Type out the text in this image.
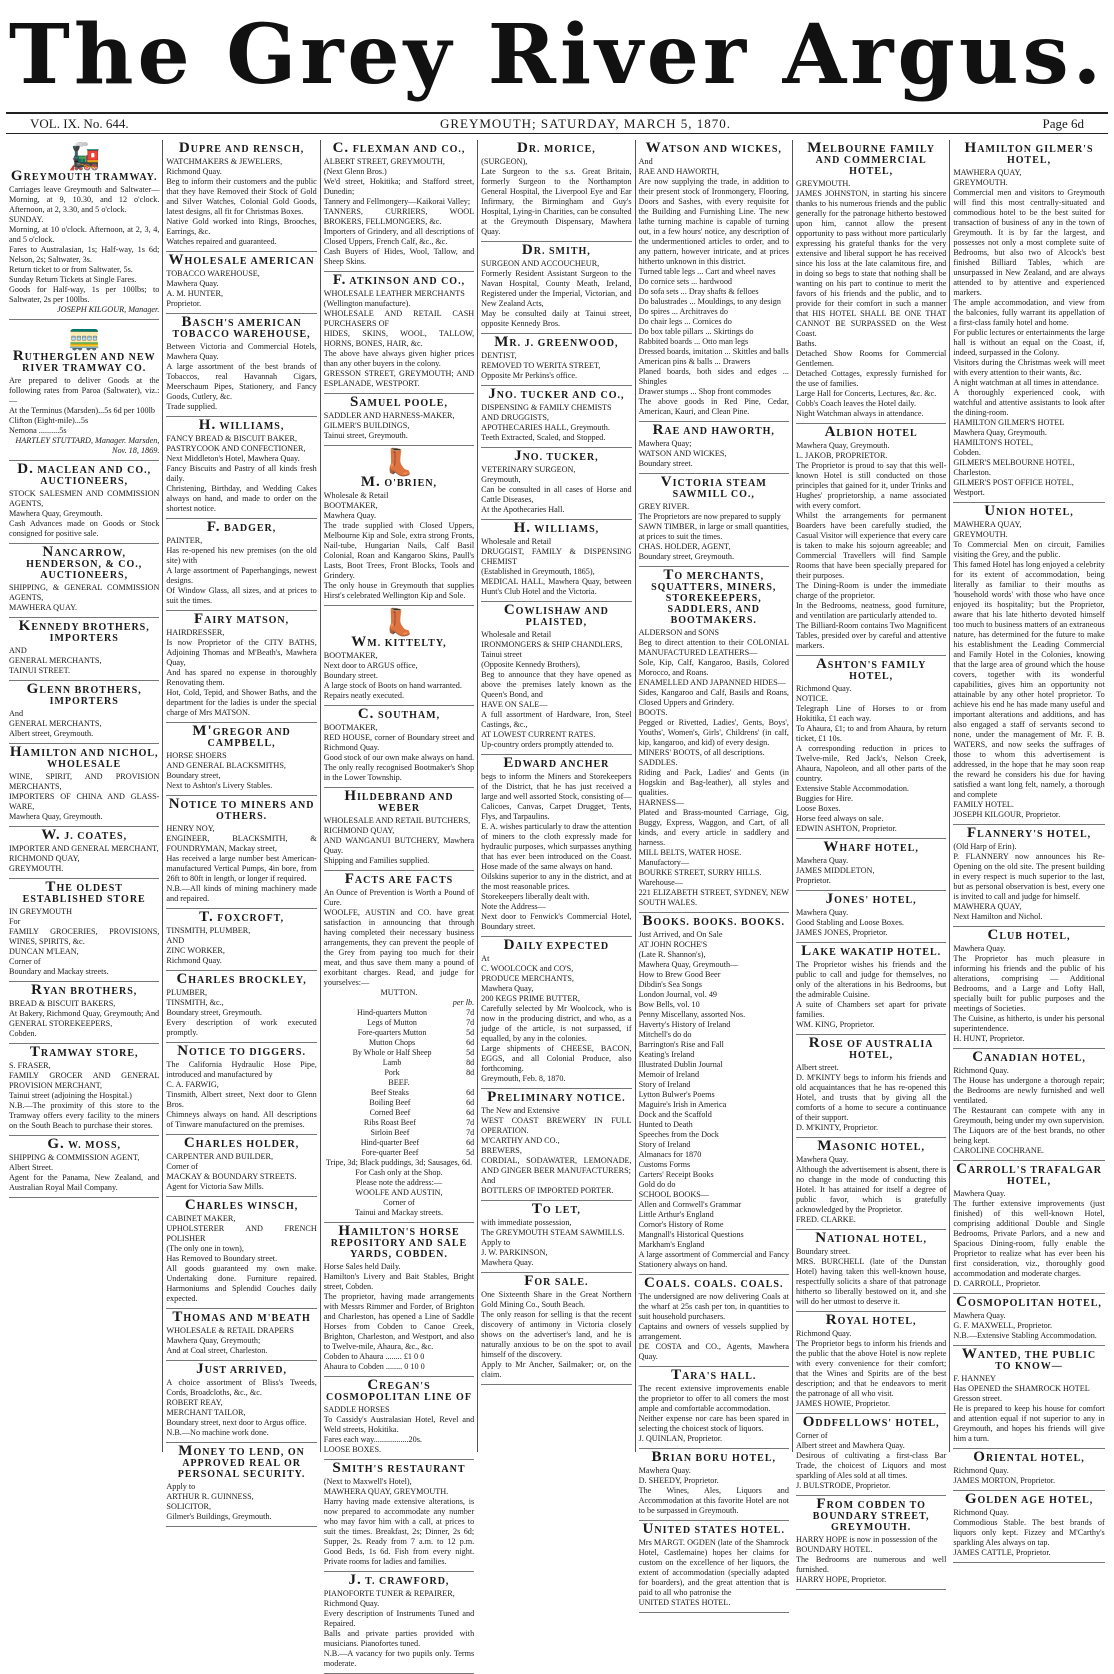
The Grey River Argus.
VOL. IX. No. 644.	GREYMOUTH; SATURDAY, MARCH 5, 1870.	Page 6d
🚂
GREYMOUTH TRAMWAY.

Carriages leave Greymouth and Saltwater— Morning, at 9, 10.30, and 12 o'clock. Afternoon, at 2, 3.30, and 5 o'clock.

SUNDAY.

Morning, at 10 o'clock. Afternoon, at 2, 3, 4, and 5 o'clock.

Fares to Australasian, 1s; Half-way, 1s 6d; Nelson, 2s; Saltwater, 3s.

Return ticket to or from Saltwater, 5s.

Sunday Return Tickets at Single Fares.

Goods for Half-way, 1s per 100lbs; to Saltwater, 2s per 100lbs.

JOSEPH KILGOUR, Manager.
🚃
RUTHERGLEN AND NEW RIVER TRAMWAY CO.

Are prepared to deliver Goods at the following rates from Paroa (Saltwater), viz.:—

At the Terminus (Marsden)...5s 6d per 100lb

Clifton (Eight-mile)...5s

Nemona ..........5s

HARTLEY STUTTARD, Manager. Marsden, Nov. 18, 1869.
D. MACLEAN AND CO., AUCTIONEERS,

STOCK SALESMEN AND COMMISSION AGENTS,

Mawhera Quay, Greymouth.

Cash Advances made on Goods or Stock consigned for positive sale.

NANCARROW, HENDERSON, & CO., AUCTIONEERS,

SHIPPING, & GENERAL COMMISSION AGENTS,

MAWHERA QUAY.

KENNEDY BROTHERS, IMPORTERS

AND

GENERAL MERCHANTS,

TAINUI STREET.

GLENN BROTHERS, IMPORTERS

And

GENERAL MERCHANTS,

Albert street, Greymouth.

HAMILTON AND NICHOL, WHOLESALE

WINE, SPIRIT, AND PROVISION MERCHANTS,

IMPORTERS OF CHINA AND GLASS-WARE,

Mawhera Quay, Greymouth.

W. J. COATES,

IMPORTER AND GENERAL MERCHANT,

RICHMOND QUAY,

GREYMOUTH.

THE OLDEST ESTABLISHED STORE

IN GREYMOUTH

For

FAMILY GROCERIES, PROVISIONS, WINES, SPIRITS, &c.

DUNCAN M'LEAN,

Corner of

Boundary and Mackay streets.

RYAN BROTHERS,

BREAD & BISCUIT BAKERS,

At Bakery, Richmond Quay, Greymouth; And

GENERAL STOREKEEPERS,

Cobden.

TRAMWAY STORE,

S. FRASER,

FAMILY GROCER AND GENERAL PROVISION MERCHANT,

Tainui street (adjoining the Hospital.)

N.B.—The proximity of this store to the Tramway offers every facility to the miners on the South Beach to purchase their stores.

G. W. MOSS,

SHIPPING & COMMISSION AGENT,

Albert Street.

Agent for the Panama, New Zealand, and Australian Royal Mail Company.

DUPRE AND RENSCH,

WATCHMAKERS & JEWELERS,

Richmond Quay.

Beg to inform their customers and the public that they have Removed their Stock of Gold and Silver Watches, Colonial Gold Goods, latest designs, all fit for Christmas Boxes.

Native Gold worked into Rings, Brooches, Earrings, &c.

Watches repaired and guaranteed.

WHOLESALE AMERICAN

TOBACCO WAREHOUSE,

Mawhera Quay.

A. M. HUNTER,

Proprietor.

BASCH'S AMERICAN TOBACCO WAREHOUSE,

Between Victoria and Commercial Hotels, Mawhera Quay.

A large assortment of the best brands of Tobaccos, real Havannah Cigars, Meerschaum Pipes, Stationery, and Fancy Goods, Cutlery, &c.

Trade supplied.

H. WILLIAMS,

FANCY BREAD & BISCUIT BAKER,

PASTRYCOOK AND CONFECTIONER,

Next Middleton's Hotel, Mawhera Quay.

Fancy Biscuits and Pastry of all kinds fresh daily.

Christening, Birthday, and Wedding Cakes always on hand, and made to order on the shortest notice.

F. BADGER,

PAINTER,

Has re-opened his new premises (on the old site) with

A large assortment of Paperhangings, newest designs.

Of Window Glass, all sizes, and at prices to suit the times.

FAIRY MATSON,

HAIRDRESSER,

Is now Proprietor of the CITY BATHS, Adjoining Thomas and M'Beath's, Mawhera Quay,

And has spared no expense in thoroughly Renovating them.

Hot, Cold, Tepid, and Shower Baths, and the department for the ladies is under the special charge of Mrs MATSON.

M'GREGOR AND CAMPBELL,

HORSE SHOERS

AND GENERAL BLACKSMITHS,

Boundary street,

Next to Ashton's Livery Stables.

NOTICE TO MINERS AND OTHERS.

HENRY NOY,

ENGINEER, BLACKSMITH, & FOUNDRYMAN, Mackay street,

Has received a large number best American-manufactured Vertical Pumps, 4in bore, from 26ft to 80ft in length, or longer if required.

N.B.—All kinds of mining machinery made and repaired.

T. FOXCROFT,

TINSMITH, PLUMBER,

AND

ZINC WORKER,

Richmond Quay.

CHARLES BROCKLEY,

PLUMBER,

TINSMITH, &c.,

Boundary street, Greymouth.

Every description of work executed promptly.

NOTICE TO DIGGERS.

The California Hydraulic Hose Pipe, introduced and manufactured by

C. A. FARWIG,

Tinsmith, Albert street, Next door to Glenn Bros.

Chimneys always on hand. All descriptions of Tinware manufactured on the premises.

CHARLES HOLDER,

CARPENTER AND BUILDER,

Corner of

MACKAY & BOUNDARY STREETS.

Agent for Victoria Saw Mills.

CHARLES WINSCH,

CABINET MAKER,

UPHOLSTERER AND FRENCH POLISHER

(The only one in town),

Has Removed to Boundary street.

All goods guaranteed my own make. Undertaking done. Furniture repaired. Harmoniums and Splendid Couches daily expected.

THOMAS AND M'BEATH

WHOLESALE & RETAIL DRAPERS

Mawhera Quay, Greymouth;

And at Coal street, Charleston.

JUST ARRIVED,

A choice assortment of Bliss's Tweeds, Cords, Broadcloths, &c., &c.

ROBERT REAY,

MERCHANT TAILOR,

Boundary street, next door to Argus office.

N.B.—No machine work done.

MONEY TO LEND, ON APPROVED REAL OR PERSONAL SECURITY.

Apply to

ARTHUR R. GUINNESS,

SOLICITOR,

Gilmer's Buildings, Greymouth.

C. FLEXMAN AND CO.,

ALBERT STREET, GREYMOUTH,

(Next Glenn Bros.)

We'd street, Hokitika; and Stafford street, Dunedin;

Tannery and Fellmongery—Kaikorai Valley;

TANNERS, CURRIERS, WOOL BROKERS, FELLMONGERS, &c.

Importers of Grindery, and all descriptions of Closed Uppers, French Calf, &c., &c.

Cash Buyers of Hides, Wool, Tallow, and Sheep Skins.

F. ATKINSON AND CO.,

WHOLESALE LEATHER MERCHANTS

(Wellington manufacture).

WHOLESALE AND RETAIL CASH PURCHASERS OF

HIDES, SKINS, WOOL, TALLOW, HORNS, BONES, HAIR, &c.

The above have always given higher prices than any other buyers in the colony.

GRESSON STREET, GREYMOUTH; AND ESPLANADE, WESTPORT.

SAMUEL POOLE,

SADDLER AND HARNESS-MAKER,

GILMER'S BUILDINGS,

Tainui street, Greymouth.

👢
M. O'BRIEN,

Wholesale & Retail

BOOTMAKER,

Mawhera Quay.

The trade supplied with Closed Uppers, Melbourne Kip and Sole, extra strong Fronts, Nail-tube, Hungarian Nails, Calf Basil Colonial, Roan and Kangaroo Skins, Paull's Lasts, Boot Trees, Front Blocks, Tools and Grindery.

The only house in Greymouth that supplies Hirst's celebrated Wellington Kip and Sole.

👢
WM. KITTELTY,

BOOTMAKER,

Next door to ARGUS office,

Boundary street.

A large stock of Boots on hand warranted.

Repairs neatly executed.

C. SOUTHAM,

BOOTMAKER,

RED HOUSE, corner of Boundary street and Richmond Quay.

Good stock of our own make always on hand.

The only really recognised Bootmaker's Shop in the Lower Township.

HILDEBRAND AND WEBER

WHOLESALE AND RETAIL BUTCHERS,

RICHMOND QUAY,

AND WANGANUI BUTCHERY, Mawhera Quay.

Shipping and Families supplied.

FACTS ARE FACTS

An Ounce of Prevention is Worth a Pound of Cure.

WOOLFE, AUSTIN and CO. have great satisfaction in announcing that through having completed their necessary business arrangements, they can prevent the people of the Grey from paying too much for their meat, and thus save them many a pound of exorbitant charges. Read, and judge for yourselves:—

MUTTON.

per lb.

Hind-quarters Mutton	7d
Legs of Mutton	7d
Fore-quarters Mutton	5d
Mutton Chops	6d
By Whole or Half Sheep	5d
Lamb	8d
Pork	8d

BEEF.

Beef Steaks	6d
Boiling Beef	6d
Corned Beef	6d
Ribs Roast Beef	7d
Sirloin Beef	7d
Hind-quarter Beef	6d
Fore-quarter Beef	5d

Tripe, 3d; Black puddings, 3d; Sausages, 6d. For Cash only at the Shop.

Please note the address:—

WOOLFE AND AUSTIN,

Corner of

Tainui and Mackay streets.

HAMILTON'S HORSE REPOSITORY AND SALE YARDS, COBDEN.

Horse Sales held Daily.

Hamilton's Livery and Bait Stables, Bright street, Cobden.

The proprietor, having made arrangements with Messrs Rimmer and Forder, of Brighton and Charleston, has opened a Line of Saddle Horses from Cobden to Canoe Creek, Brighton, Charleston, and Westport, and also to Twelve-mile, Ahaura, &c., &c.

Cobden to Ahaura ........ £1 0 0

Ahaura to Cobden ........ 0 10 0

CREGAN'S COSMOPOLITAN LINE OF

SADDLE HORSES

To Cassidy's Australasian Hotel, Revel and Weld streets, Hokitika.

Fares each way.................20s.

LOOSE BOXES.

SMITH'S RESTAURANT

(Next to Maxwell's Hotel),

MAWHERA QUAY, GREYMOUTH.

Harry having made extensive alterations, is now prepared to accommodate any number who may favor him with a call, at prices to suit the times. Breakfast, 2s; Dinner, 2s 6d; Supper, 2s. Ready from 7 a.m. to 12 p.m. Good Beds, 1s 6d. Fish from every night. Private rooms for ladies and families.

J. T. CRAWFORD,

PIANOFORTE TUNER & REPAIRER,

Richmond Quay.

Every description of Instruments Tuned and Repaired.

Balls and private parties provided with musicians. Pianofortes tuned.

N.B.—A vacancy for two pupils only. Terms moderate.

DR. MORICE,

(SURGEON),

Late Surgeon to the s.s. Great Britain, formerly Surgeon to the Northampton General Hospital, the Liverpool Eye and Ear Infirmary, the Birmingham and Guy's Hospital, Lying-in Charities, can be consulted at the Greymouth Dispensary, Mawhera Quay.

DR. SMITH,

SURGEON AND ACCOUCHEUR,

Formerly Resident Assistant Surgeon to the Navan Hospital, County Meath, Ireland, Registered under the Imperial, Victorian, and New Zealand Acts,

May be consulted daily at Tainui street, opposite Kennedy Bros.

MR. J. GREENWOOD,

DENTIST,

REMOVED TO WERITA STREET,

Opposite Mr Perkins's office.

JNO. TUCKER AND CO.,

DISPENSING & FAMILY CHEMISTS

AND DRUGGISTS,

APOTHECARIES HALL, Greymouth.

Teeth Extracted, Scaled, and Stopped.

JNO. TUCKER,

VETERINARY SURGEON,

Greymouth,

Can be consulted in all cases of Horse and Cattle Diseases,

At the Apothecaries Hall.

H. WILLIAMS,

Wholesale and Retail

DRUGGIST, FAMILY & DISPENSING CHEMIST

(Established in Greymouth, 1865),

MEDICAL HALL, Mawhera Quay, between Hunt's Club Hotel and the Victoria.

COWLISHAW AND PLAISTED,

Wholesale and Retail

IRONMONGERS & SHIP CHANDLERS,

Tainui street

(Opposite Kennedy Brothers),

Beg to announce that they have opened as above the premises lately known as the Queen's Bond, and

HAVE ON SALE—

A full assortment of Hardware, Iron, Steel Castings, &c.,

AT LOWEST CURRENT RATES.

Up-country orders promptly attended to.

EDWARD ANCHER

begs to inform the Miners and Storekeepers of the District, that he has just received a large and well assorted Stock, consisting of—Calicoes, Canvas, Carpet Drugget, Tents, Flys, and Tarpaulins.

E. A. wishes particularly to draw the attention of miners to the cloth expressly made for hydraulic purposes, which surpasses anything that has ever been introduced on the Coast. Hose made of the same always on hand.

Oilskins superior to any in the district, and at the most reasonable prices.

Storekeepers liberally dealt with.

Note the Address—

Next door to Fenwick's Commercial Hotel, Boundary street.

DAILY EXPECTED

At

C. WOOLCOCK and CO'S,

PRODUCE MERCHANTS,

Mawhera Quay,

200 KEGS PRIME BUTTER,

Carefully selected by Mr Woolcock, who is now in the producing district, and who, as a judge of the article, is not surpassed, if equalled, by any in the colonies.

Large shipments of CHEESE, BACON, EGGS, and all Colonial Produce, also forthcoming.

Greymouth, Feb. 8, 1870.

PRELIMINARY NOTICE.

The New and Extensive

WEST COAST BREWERY IN FULL OPERATION.

M'CARTHY AND CO.,

BREWERS,

CORDIAL, SODAWATER, LEMONADE, AND GINGER BEER MANUFACTURERS;

And

BOTTLERS OF IMPORTED PORTER.

TO LET,

with immediate possession,

The GREYMOUTH STEAM SAWMILLS.

Apply to

J. W. PARKINSON,

Mawhera Quay.

FOR SALE.

One Sixteenth Share in the Great Northern Gold Mining Co., South Beach.

The only reason for selling is that the recent discovery of antimony in Victoria closely shows on the advertiser's land, and he is naturally anxious to be on the spot to avail himself of the discovery.

Apply to Mr Ancher, Sailmaker; or, on the claim.

WATSON AND WICKES,

And

RAE AND HAWORTH,

Are now supplying the trade, in addition to their present stock of Ironmongery, Flooring, Doors and Sashes, with every requisite for the Building and Furnishing Line. The new lathe turning machine is capable of turning out, in a few hours' notice, any description of the undermentioned articles to order, and to any pattern, however intricate, and at prices hitherto unknown in this district.

Turned table legs ... Cart and wheel naves

Do cornice sets ... hardwood

Do sofa sets ... Dray shafts & felloes

Do balustrades ... Mouldings, to any design

Do spires ... Architraves do

Do chair legs ... Cornices do

Do box table pillars ... Skirtings do

Rabbited boards ... Otto man legs

Dressed boards, imitation ... Skittles and balls

American pins & balls ... Drawers

Planed boards, both sides and edges ... Shingles

Drawer stumps ... Shop front commodes

The above goods in Red Pine, Cedar, American, Kauri, and Clean Pine.

RAE AND HAWORTH,

Mawhera Quay;

WATSON AND WICKES,

Boundary street.

VICTORIA STEAM SAWMILL CO.,

GREY RIVER.

The Proprietors are now prepared to supply

SAWN TIMBER, in large or small quantities, at prices to suit the times.

CHAS. HOLDER, AGENT,

Boundary street, Greymouth.

TO MERCHANTS, SQUATTERS, MINERS, STOREKEEPERS, SADDLERS, AND BOOTMAKERS.

ALDERSON and SONS

Beg to direct attention to their COLONIAL MANUFACTURED LEATHERS—

Sole, Kip, Calf, Kangaroo, Basils, Colored Morocco, and Roans.

ENAMELLED AND JAPANNED HIDES—

Sides, Kangaroo and Calf, Basils and Roans, Closed Uppers and Grindery.

BOOTS.

Pegged or Rivetted, Ladies', Gents, Boys', Youths', Women's, Girls', Childrens' (in calf, kip, kangaroo, and kid) of every design.

MINERS' BOOTS, of all descriptions.

SADDLES.

Riding and Pack, Ladies' and Gents (in Hogskin and Bag-leather), all styles and qualities.

HARNESS—

Plated and Brass-mounted Carriage, Gig, Buggy, Express, Waggon, and Cart, of all kinds, and every article in saddlery and harness.

MILL BELTS, WATER HOSE.

Manufactory—

BOURKE STREET, SURRY HILLS.

Warehouse—

221 ELIZABETH STREET, SYDNEY, NEW SOUTH WALES.

BOOKS. BOOKS. BOOKS.

Just Arrived, and On Sale

AT JOHN ROCHE'S

(Late R. Shannon's),

Mawhera Quay, Greymouth—

How to Brew Good Beer

Dibdin's Sea Songs

London Journal, vol. 49

Bow Bells, vol. 10

Penny Miscellany, assorted Nos.

Haverty's History of Ireland

Mitchell's do do

Barrington's Rise and Fall

Keating's Ireland

Illustrated Dublin Journal

Memoir of Ireland

Story of Ireland

Lytton Bulwer's Poems

Maguire's Irish in America

Dock and the Scaffold

Hunted to Death

Speeches from the Dock

Story of Ireland

Almanacs for 1870

Customs Forms

Carters' Receipt Books

Gold do do

SCHOOL BOOKS—

Allen and Cornwell's Grammar

Little Arthur's England

Cornor's History of Rome

Mangnall's Historical Questions

Markham's England

A large assortment of Commercial and Fancy Stationery always on hand.

COALS. COALS. COALS.

The undersigned are now delivering Coals at the wharf at 25s cash per ton, in quantities to suit household purchasers.

Captains and owners of vessels supplied by arrangement.

DE COSTA and CO., Agents, Mawhera Quay.

TARA'S HALL.

The recent extensive improvements enable the proprietor to offer to all comers the most ample and comfortable accommodation.

Neither expense nor care has been spared in selecting the choicest stock of liquors.

J. QUINLAN, Proprietor.

BRIAN BORU HOTEL,

Mawhera Quay.

D. SHEEDY, Proprietor.

The Wines, Ales, Liquors and Accommodation at this favorite Hotel are not to be surpassed in Greymouth.

UNITED STATES HOTEL.

Mrs MARGT. OGDEN (late of the Shamrock Hotel, Castlemaine) hopes her claims for custom on the excellence of her liquors, the extent of accommodation (specially adapted for boarders), and the great attention that is paid to all who patronise the

UNITED STATES HOTEL.

MELBOURNE FAMILY AND COMMERCIAL HOTEL,

GREYMOUTH.

JAMES JOHNSTON, in starting his sincere thanks to his numerous friends and the public generally for the patronage hitherto bestowed upon him, cannot allow the present opportunity to pass without more particularly expressing his grateful thanks for the very extensive and liberal support he has received since his loss at the late calamitous fire, and in doing so begs to state that nothing shall be wanting on his part to continue to merit the favors of his friends and the public, and to provide for their comfort in such a manner that HIS HOTEL SHALL BE ONE THAT CANNOT BE SURPASSED on the West Coast.

Baths.

Detached Show Rooms for Commercial Gentlemen.

Detached Cottages, expressly furnished for the use of families.

Large Hall for Concerts, Lectures, &c. &c.

Cobb's Coach leaves the Hotel daily.

Night Watchman always in attendance.

ALBION HOTEL

Mawhera Quay, Greymouth.

L. JAKOB, PROPRIETOR.

The Proprietor is proud to say that this well-known Hotel is still conducted on those principles that gained for it, under Trinks and Hughes' proprietorship, a name associated with every comfort.

Whilst the arrangements for permanent Boarders have been carefully studied, the Casual Visitor will experience that every care is taken to make his sojourn agreeable; and Commercial Travellers will find Sample Rooms that have been specially prepared for their purposes.

The Dining-Room is under the immediate charge of the proprietor.

In the Bedrooms, neatness, good furniture, and ventilation are particularly attended to.

The Billiard-Room contains Two Magnificent Tables, presided over by careful and attentive markers.

ASHTON'S FAMILY HOTEL,

Richmond Quay.

NOTICE.

Telegraph Line of Horses to or from Hokitika, £1 each way.

To Ahaura, £1; to and from Ahaura, by return ticket, £1 10s.

A corresponding reduction in prices to Twelve-mile, Red Jack's, Nelson Creek, Ahaura, Napoleon, and all other parts of the country.

Extensive Stable Accommodation.

Buggies for Hire.

Loose Boxes.

Horse feed always on sale.

EDWIN ASHTON, Proprietor.

WHARF HOTEL,

Mawhera Quay.

JAMES MIDDLETON,

Proprietor.

JONES' HOTEL,

Mawhera Quay.

Good Stabling and Loose Boxes.

JAMES JONES, Proprietor.

LAKE WAKATIP HOTEL.

The Proprietor wishes his friends and the public to call and judge for themselves, no only of the alterations in his Bedrooms, but the admirable Cuisine.

A suite of Chambers set apart for private families.

WM. KING, Proprietor.

ROSE OF AUSTRALIA HOTEL,

Albert street.

D. M'KINTY begs to inform his friends and old acquaintances that he has re-opened this Hotel, and trusts that by giving all the comforts of a home to secure a continuance of their support.

D. M'KINTY, Proprietor.

MASONIC HOTEL,

Mawhera Quay.

Although the advertisement is absent, there is no change in the mode of conducting this Hotel. It has attained for itself a degree of public favor, which is gratefully acknowledged by the Proprietor.

FRED. CLARKE.

NATIONAL HOTEL,

Boundary street.

MRS. BURCHELL (late of the Dunstan Hotel) having taken this well-known house, respectfully solicits a share of that patronage hitherto so liberally bestowed on it, and she will do her utmost to deserve it.

ROYAL HOTEL,

Richmond Quay.

The Proprietor begs to inform his friends and the public that the above Hotel is now replete with every convenience for their comfort; that the Wines and Spirits are of the best description; and that he endeavors to merit the patronage of all who visit.

JAMES HOWIE, Proprietor.

ODDFELLOWS' HOTEL,

Corner of

Albert street and Mawhera Quay.

Desirous of cultivating a first-class Bar Trade, the choicest of Liquors and most sparkling of Ales sold at all times.

J. BULSTRODE, Proprietor.

FROM COBDEN TO BOUNDARY STREET, GREYMOUTH.

HARRY HOPE is now in possession of the

BOUNDARY HOTEL.

The Bedrooms are numerous and well furnished.

HARRY HOPE, Proprietor.

HAMILTON GILMER'S HOTEL,

MAWHERA QUAY,

GREYMOUTH.

Commercial men and visitors to Greymouth will find this most centrally-situated and commodious hotel to be the best suited for transaction of business of any in the town of Greymouth. It is by far the largest, and possesses not only a most complete suite of Bedrooms, but also two of Alcock's best finished Billiard Tables, which are unsurpassed in New Zealand, and are always attended to by attentive and experienced markers.

The ample accommodation, and view from the balconies, fully warrant its appellation of a first-class family hotel and home.

For public lectures or entertainments the large hall is without an equal on the Coast, if, indeed, surpassed in the Colony.

Visitors during the Christmas week will meet with every attention to their wants, &c.

A night watchman at all times in attendance.

A thoroughly experienced cook, with watchful and attentive assistants to look after the dining-room.

HAMILTON GILMER'S HOTEL

Mawhera Quay, Greymouth.

HAMILTON'S HOTEL,

Cobden.

GILMER'S MELBOURNE HOTEL,

Charleston.

GILMER'S POST OFFICE HOTEL,

Westport.

UNION HOTEL,

MAWHERA QUAY,

GREYMOUTH.

To Commercial Men on circuit, Families visiting the Grey, and the public.

This famed Hotel has long enjoyed a celebrity for its extent of accommodation, being literally as familiar to their mouths as 'household words' with those who have once enjoyed its hospitality; but the Proprietor, aware that his late hitherto devoted himself too much to business matters of an extraneous nature, has determined for the future to make his establishment the Leading Commercial and Family Hotel in the Colonies, knowing that the large area of ground which the house covers, together with its wonderful capabilities, gives him an opportunity not attainable by any other hotel proprietor. To achieve his end he has made many useful and important alterations and additions, and has also engaged a staff of servants second to none, under the management of Mr. F. B. WATERS, and now seeks the suffrages of those to whom this advertisement is addressed, in the hope that he may soon reap the reward he considers his due for having satisfied a want long felt, namely, a thorough and complete

FAMILY HOTEL.

JOSEPH KILGOUR, Proprietor.

FLANNERY'S HOTEL,

(Old Harp of Erin).

P. FLANNERY now announces his Re-Opening on the old site. The present building in every respect is much superior to the last, but as personal observation is best, every one is invited to call and judge for himself.

MAWHERA QUAY,

Next Hamilton and Nichol.

CLUB HOTEL,

Mawhera Quay.

The Proprietor has much pleasure in informing his friends and the public of his alterations, comprising — Additional Bedrooms, and a Large and Lofty Hall, specially built for public purposes and the meetings of Societies.

The Cuisine, as hitherto, is under his personal superintendence.

H. HUNT, Proprietor.

CANADIAN HOTEL,

Richmond Quay.

The House has undergone a thorough repair; the Bedrooms are newly furnished and well ventilated.

The Restaurant can compete with any in Greymouth, being under my own supervision.

The Liquors are of the best brands, no other being kept.

CAROLINE COCHRANE.

CARROLL'S TRAFALGAR HOTEL,

Mawhera Quay.

The further extensive improvements (just finished) of this well-known Hotel, comprising additional Double and Single Bedrooms, Private Parlors, and a new and Spacious Dining-room, fully enable the Proprietor to realize what has ever been his first consideration, viz., thoroughly good accommodation and moderate charges.

D. CARROLL, Proprietor.

COSMOPOLITAN HOTEL,

Mawhera Quay.

G. F. MAXWELL, Proprietor.

N.B.—Extensive Stabling Accommodation.

WANTED, THE PUBLIC TO KNOW—

F. HANNEY

Has OPENED the SHAMROCK HOTEL

Gresson street.

He is prepared to keep his house for comfort and attention equal if not superior to any in Greymouth, and hopes his friends will give him a turn.

ORIENTAL HOTEL,

Richmond Quay.

JAMES MORTON, Proprietor.

GOLDEN AGE HOTEL,

Richmond Quay.

Commodious Stable. The best brands of liquors only kept. Fizzey and M'Carthy's sparkling Ales always on tap.

JAMES CATTLE, Proprietor.
